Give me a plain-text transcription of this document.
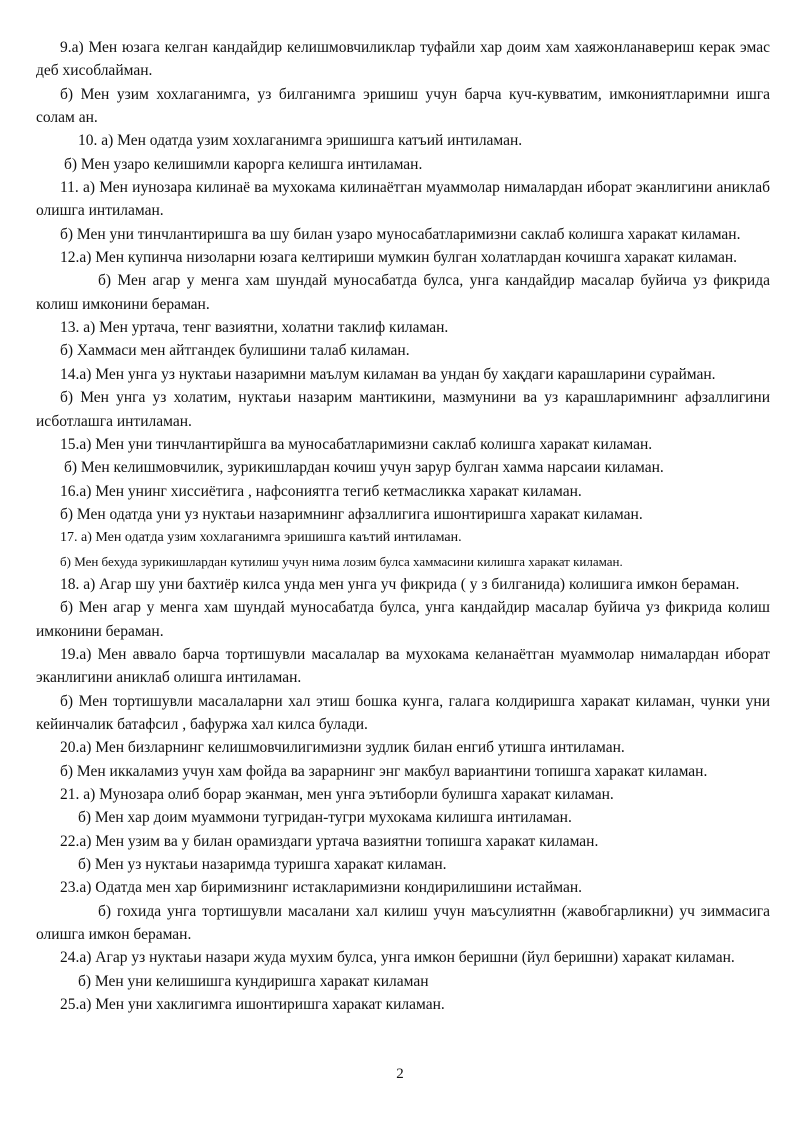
9.а) Мен юзага келган кандайдир келишмовчиликлар туфайли хар доим хам хаяжонланавериш керак эмас деб хисоблайман.

б) Мен узим хохлаганимга, уз билганимга эришиш учун барча куч-кувватим, имкониятларимни ишга солам ан.

10. а) Мен одатда узим хохлаганимга эришишга катъий интиламан.

б) Мен узаро келишимли карорга келишга интиламан.

11. а) Мен иунозара килинаё ва мухокама килинаётган муаммолар нималардан иборат эканлигини аниклаб олишга интиламан.

б) Мен уни тинчлантиришга ва шу билан узаро муносабатларимизни саклаб колишга харакат киламан.

12.а) Мен купинча низоларни юзага келтириши мумкин булган холатлардан кочишга харакат киламан.

б) Мен агар у менга хам шундай муносабатда булса, унга кандайдир масалар буйича уз фикрида колиш имконини бераман.

13. а) Мен уртача, тенг вазиятни, холатни таклиф киламан.

б) Хаммаси мен айтгандек булишини талаб киламан.

14.а) Мен унга уз нуктаьи назаримни маълум киламан ва ундан бу хақдаги карашларини сурайман.

б) Мен унга уз холатим, нуктаьи назарим мантикини, мазмунини ва уз карашларимнинг афзаллигини исботлашга интиламан.

15.а) Мен уни тинчлантирйшга ва муносабатларимизни саклаб колишга харакат киламан.

б) Мен келишмовчилик, зурикишлардан кочиш учун зарур булган хамма нарсаии киламан.

16.а) Мен унинг хиссиётига , нафсониятга тегиб кетмасликка харакат киламан.

б) Мен одатда уни уз нуктаьи назаримнинг афзаллигига ишонтиришга харакат киламан.

17. а) Мен одатда узим хохлаганимга эришишга каътий интиламан.

б) Мен бехуда зурикишлардан кутилиш учун нима лозим булса хаммасини килишга харакат киламан.

18. а) Агар шу уни бахтиёр килса унда мен унга уч фикрида ( у з билганида) колишига имкон бераман.

б) Мен агар у менга хам шундай муносабатда булса, унга кандайдир масалар буйича уз фикрида колиш имконини бераман.

19.а) Мен аввало барча тортишувли масалалар ва мухокама келанаётган муаммолар нималардан иборат эканлигини аниклаб олишга интиламан.

б) Мен тортишувли масалаларни хал этиш бошка кунга, галага колдиришга харакат киламан, чунки уни кейинчалик батафсил , бафуржа хал килса булади.

20.а) Мен бизларнинг келишмовчилигимизни зудлик билан енгиб утишга интиламан.

б) Мен иккаламиз учун хам фойда ва зарарнинг энг макбул вариантини топишга харакат киламан.

21. а) Мунозара олиб борар эканман, мен унга эътиборли булишга харакат киламан.

б) Мен хар доим муаммони тугридан-тугри мухокама килишга интиламан.

22.а) Мен узим ва у билан орамиздаги уртача вазиятни топишга харакат киламан.

б) Мен уз нуктаьи назаримда туришга харакат киламан.

23.а) Одатда мен хар биримизнинг истакларимизни кондирилишини истайман.

б) гохида унга тортишувли масалани хал килиш учун маъсулиятнн (жавобгарликни) уч зиммасига олишга имкон бераман.

24.а) Агар уз нуктаьи назари жуда мухим булса, унга имкон беришни (йул беришни) харакат киламан.

б) Мен уни келишишга кундиришга харакат киламан

25.а) Мен уни хаклигимга ишонтиришга харакат киламан.

2
